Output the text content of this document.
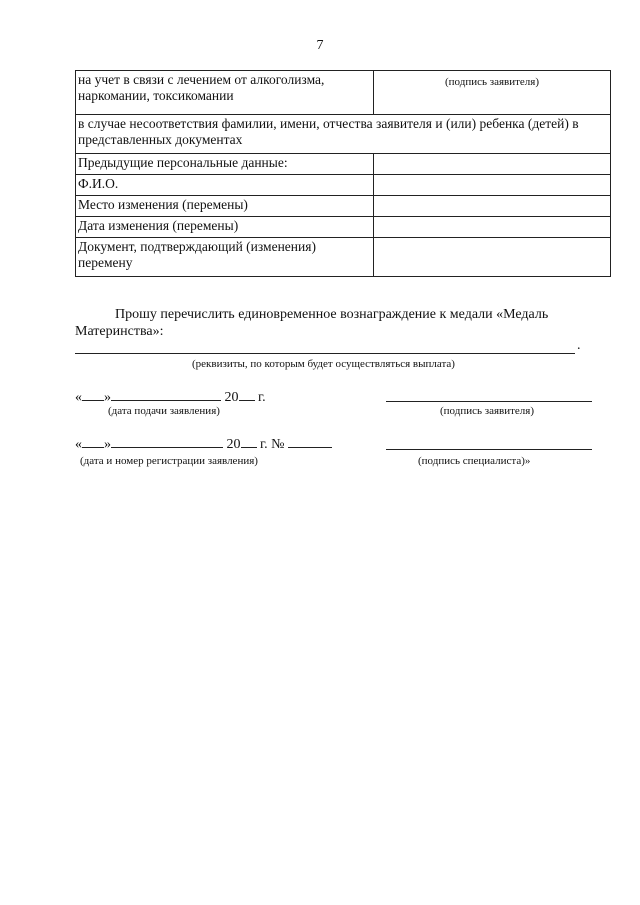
7
на учет в связи с лечением от алкоголизма, наркомании, токсикомании	(подпись заявителя)
в случае несоответствия фамилии, имени, отчества заявителя и (или) ребенка (детей) в представленных документах	
Предыдущие персональные данные:	
Ф.И.О.	
Место изменения (перемены)	
Дата изменения (перемены)	
Документ, подтверждающий (изменения) перемену	
Прошу перечислить единовременное вознаграждение к медали «Медаль Материнства»:
.
(реквизиты, по которым будет осуществляться выплата)
« »	20 г.
(дата подачи заявления)	(подпись заявителя)
« »	20 г. №
(дата и номер регистрации заявления)	(подпись специалиста)»
